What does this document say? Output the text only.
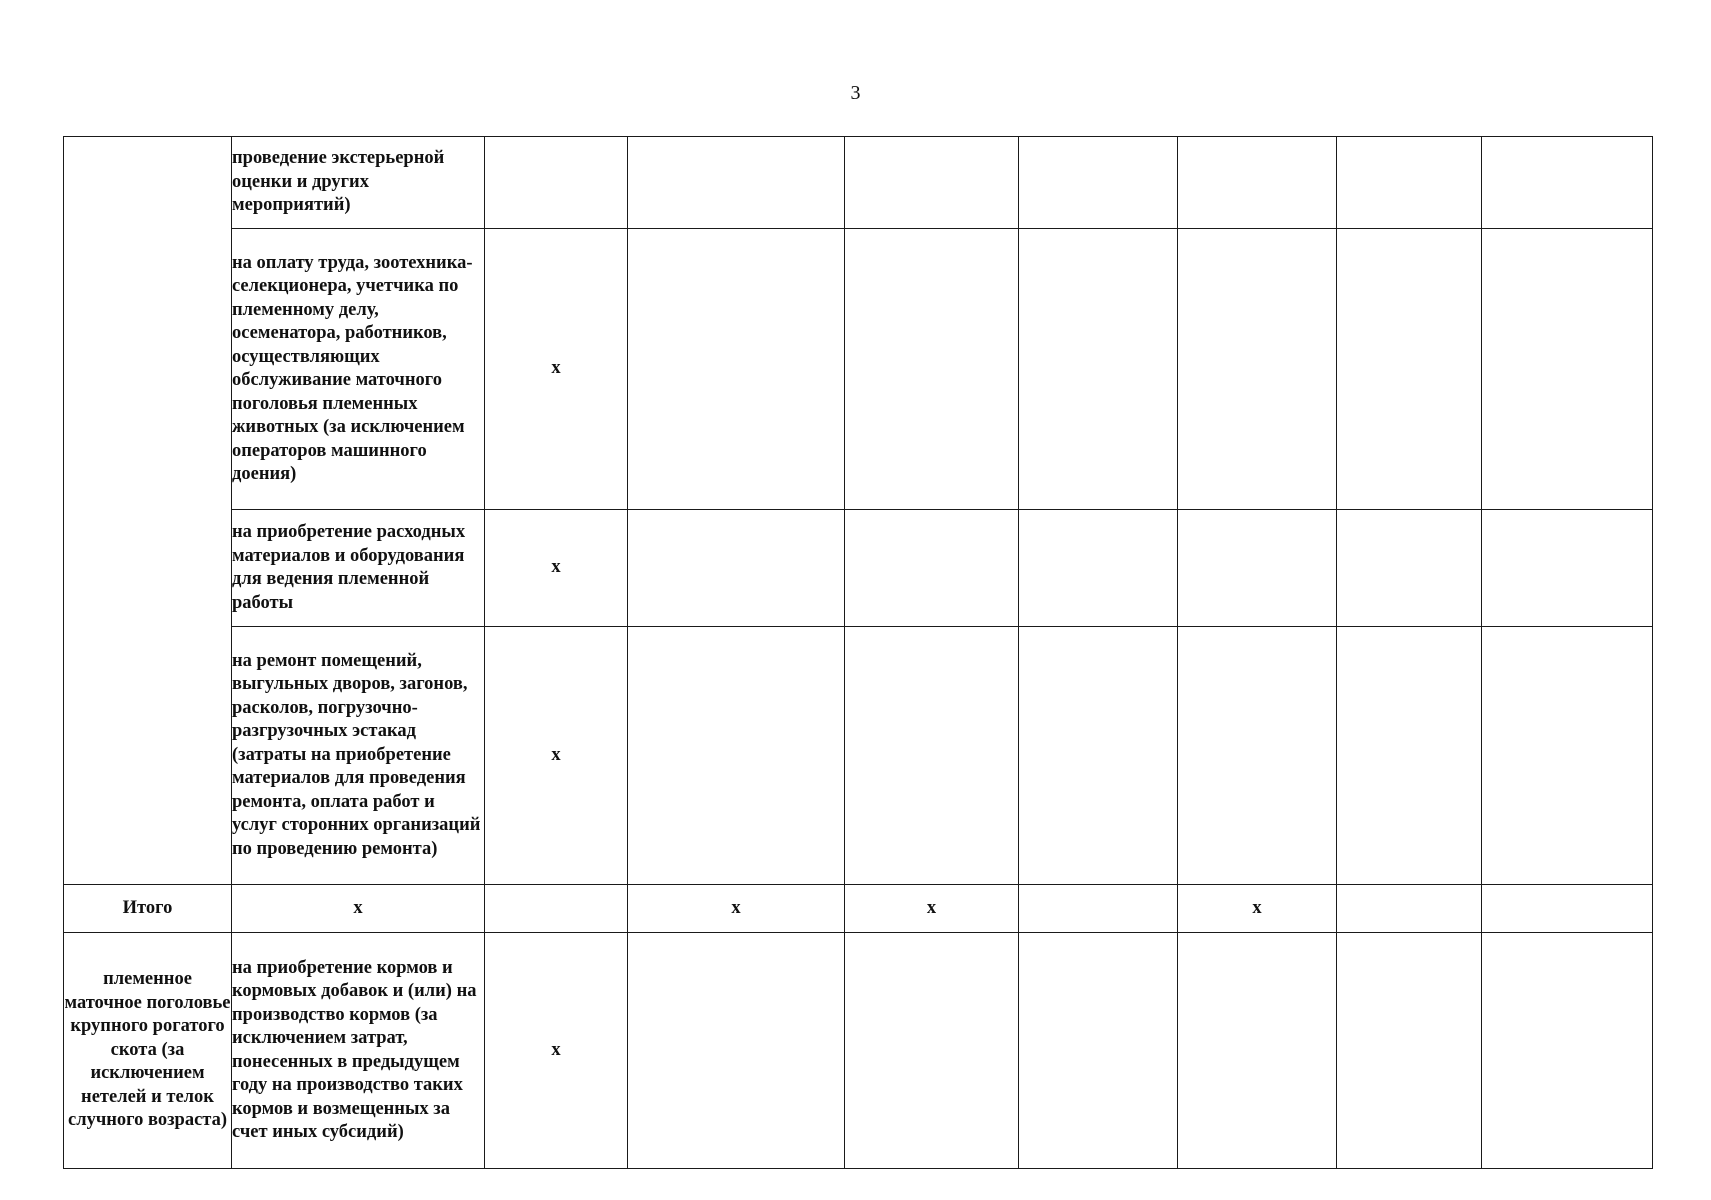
3
	проведение экстерьерной оценки и других мероприятий)							
	на оплату труда, зоотехника-селекционера, учетчика по племенному делу, осеменатора, работников, осуществляющих обслуживание маточного поголовья племенных животных (за исключением операторов машинного доения)	x						
	на приобретение расходных материалов и оборудования для ведения племенной работы	x						
	на ремонт помещений, выгульных дворов, загонов, расколов, погрузочно-разгрузочных эстакад (затраты на приобретение материалов для проведения ремонта, оплата работ и услуг сторонних организаций по проведению ремонта)	x						
Итого	x		x	x		x		
племенное маточное поголовье крупного рогатого скота (за исключением нетелей и телок случного возраста)	на приобретение кормов и кормовых добавок и (или) на производство кормов (за исключением затрат, понесенных в предыдущем году на производство таких кормов и возмещенных за счет иных субсидий)	x						
